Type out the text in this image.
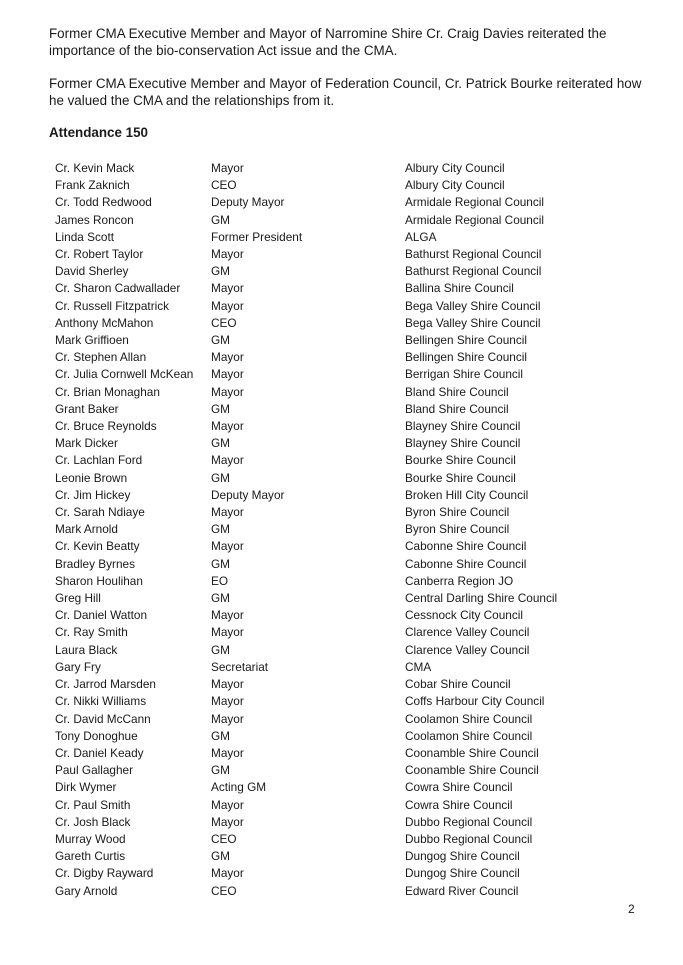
Former CMA Executive Member and Mayor of Narromine Shire Cr. Craig Davies reiterated the importance of the bio-conservation Act issue and the CMA.

Former CMA Executive Member and Mayor of Federation Council, Cr. Patrick Bourke reiterated how he valued the CMA and the relationships from it.

Attendance 150
Cr. Kevin Mack	Mayor	Albury City Council
Frank Zaknich	CEO	Albury City Council
Cr. Todd Redwood	Deputy Mayor	Armidale Regional Council
James Roncon	GM	Armidale Regional Council
Linda Scott	Former President	ALGA
Cr. Robert Taylor	Mayor	Bathurst Regional Council
David Sherley	GM	Bathurst Regional Council
Cr. Sharon Cadwallader	Mayor	Ballina Shire Council
Cr. Russell Fitzpatrick	Mayor	Bega Valley Shire Council
Anthony McMahon	CEO	Bega Valley Shire Council
Mark Griffioen	GM	Bellingen Shire Council
Cr. Stephen Allan	Mayor	Bellingen Shire Council
Cr. Julia Cornwell McKean	Mayor	Berrigan Shire Council
Cr. Brian Monaghan	Mayor	Bland Shire Council
Grant Baker	GM	Bland Shire Council
Cr. Bruce Reynolds	Mayor	Blayney Shire Council
Mark Dicker	GM	Blayney Shire Council
Cr. Lachlan Ford	Mayor	Bourke Shire Council
Leonie Brown	GM	Bourke Shire Council
Cr. Jim Hickey	Deputy Mayor	Broken Hill City Council
Cr. Sarah Ndiaye	Mayor	Byron Shire Council
Mark Arnold	GM	Byron Shire Council
Cr. Kevin Beatty	Mayor	Cabonne Shire Council
Bradley Byrnes	GM	Cabonne Shire Council
Sharon Houlihan	EO	Canberra Region JO
Greg Hill	GM	Central Darling Shire Council
Cr. Daniel Watton	Mayor	Cessnock City Council
Cr. Ray Smith	Mayor	Clarence Valley Council
Laura Black	GM	Clarence Valley Council
Gary Fry	Secretariat	CMA
Cr. Jarrod Marsden	Mayor	Cobar Shire Council
Cr. Nikki Williams	Mayor	Coffs Harbour City Council
Cr. David McCann	Mayor	Coolamon Shire Council
Tony Donoghue	GM	Coolamon Shire Council
Cr. Daniel Keady	Mayor	Coonamble Shire Council
Paul Gallagher	GM	Coonamble Shire Council
Dirk Wymer	Acting GM	Cowra Shire Council
Cr. Paul Smith	Mayor	Cowra Shire Council
Cr. Josh Black	Mayor	Dubbo Regional Council
Murray Wood	CEO	Dubbo Regional Council
Gareth Curtis	GM	Dungog Shire Council
Cr. Digby Rayward	Mayor	Dungog Shire Council
Gary Arnold	CEO	Edward River Council
2
